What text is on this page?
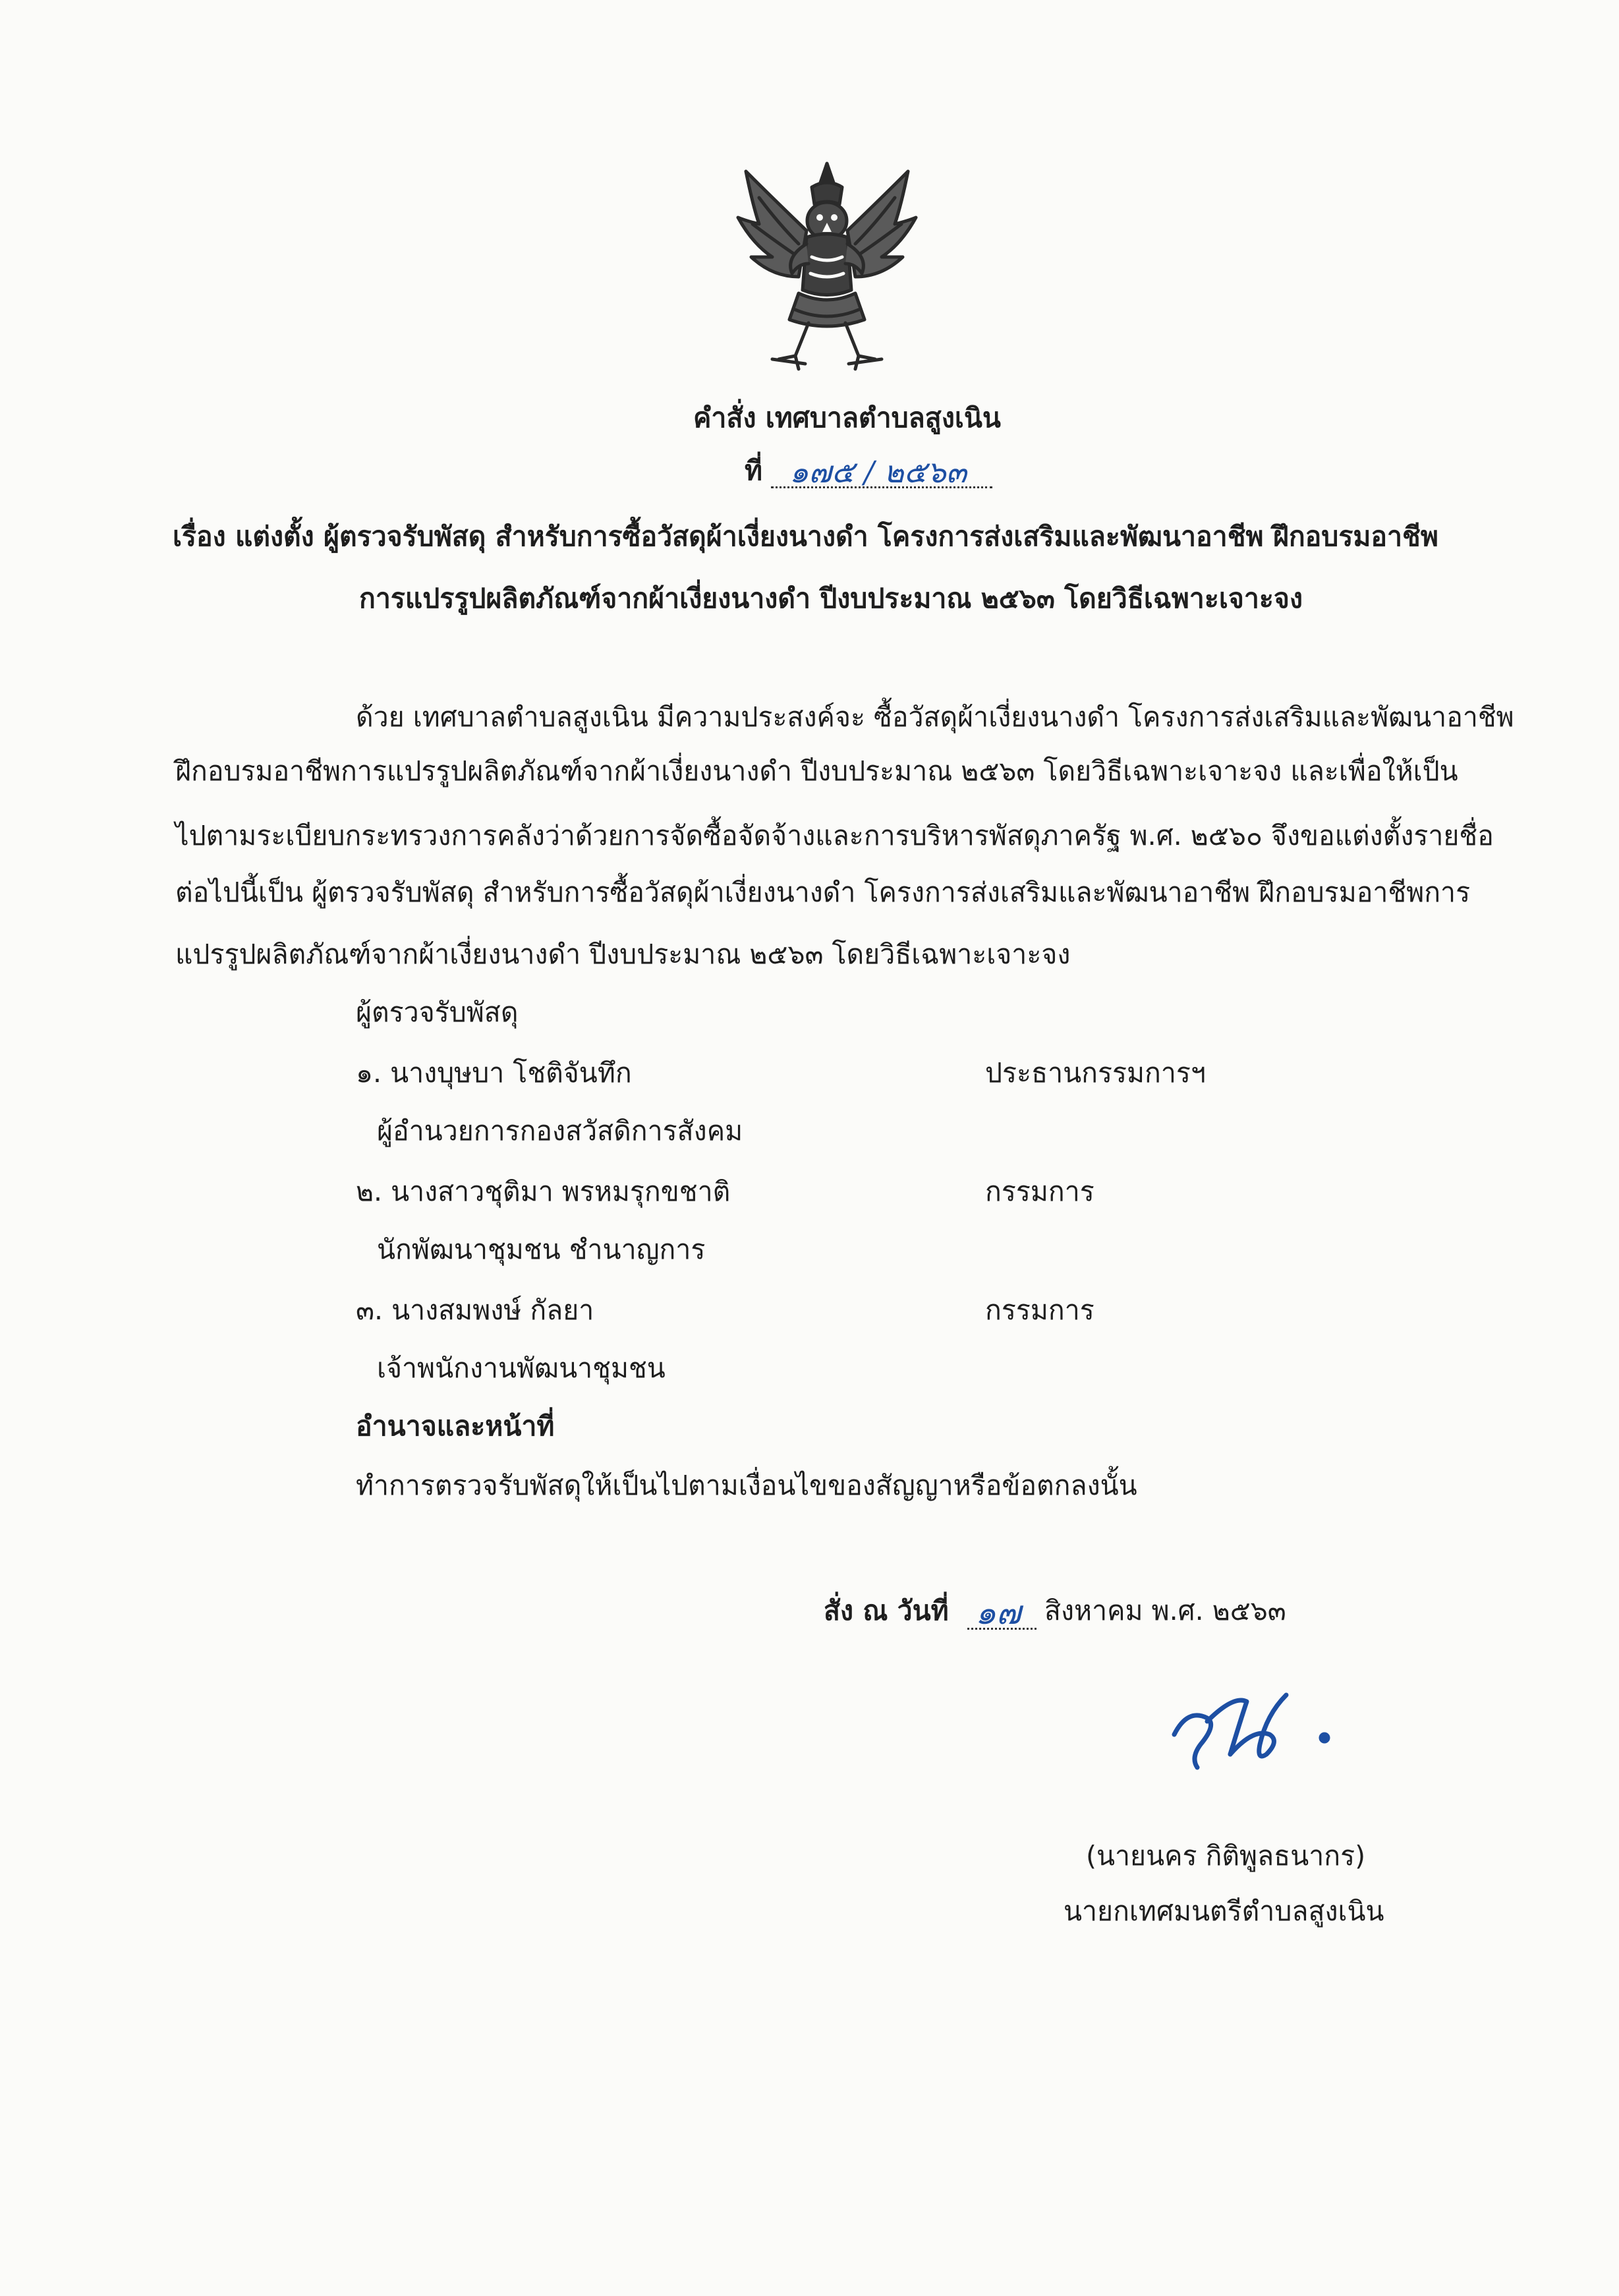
คำสั่ง เทศบาลตำบลสูงเนิน
ที่ ๑๗๕ / ๒๕๖๓
เรื่อง แต่งตั้ง ผู้ตรวจรับพัสดุ สำหรับการซื้อวัสดุผ้าเงี่ยงนางดำ โครงการส่งเสริมและพัฒนาอาชีพ ฝึกอบรมอาชีพ
การแปรรูปผลิตภัณฑ์จากผ้าเงี่ยงนางดำ ปีงบประมาณ ๒๕๖๓ โดยวิธีเฉพาะเจาะจง
ด้วย เทศบาลตำบลสูงเนิน มีความประสงค์จะ ซื้อวัสดุผ้าเงี่ยงนางดำ โครงการส่งเสริมและพัฒนาอาชีพ
ฝึกอบรมอาชีพการแปรรูปผลิตภัณฑ์จากผ้าเงี่ยงนางดำ ปีงบประมาณ ๒๕๖๓ โดยวิธีเฉพาะเจาะจง และเพื่อให้เป็น
ไปตามระเบียบกระทรวงการคลังว่าด้วยการจัดซื้อจัดจ้างและการบริหารพัสดุภาครัฐ พ.ศ. ๒๕๖๐ จึงขอแต่งตั้งรายชื่อ
ต่อไปนี้เป็น ผู้ตรวจรับพัสดุ สำหรับการซื้อวัสดุผ้าเงี่ยงนางดำ โครงการส่งเสริมและพัฒนาอาชีพ ฝึกอบรมอาชีพการ
แปรรูปผลิตภัณฑ์จากผ้าเงี่ยงนางดำ ปีงบประมาณ ๒๕๖๓ โดยวิธีเฉพาะเจาะจง
ผู้ตรวจรับพัสดุ
๑. นางบุษบา โชติจันทึก	ประธานกรรมการฯ
ผู้อำนวยการกองสวัสดิการสังคม
๒. นางสาวชุติมา พรหมรุกขชาติ	กรรมการ
นักพัฒนาชุมชน ชำนาญการ
๓. นางสมพงษ์ กัลยา	กรรมการ
เจ้าพนักงานพัฒนาชุมชน
อำนาจและหน้าที่
ทำการตรวจรับพัสดุให้เป็นไปตามเงื่อนไขของสัญญาหรือข้อตกลงนั้น
สั่ง ณ วันที่ ๑๗ สิงหาคม พ.ศ. ๒๕๖๓
(นายนคร กิติพูลธนากร)
นายกเทศมนตรีตำบลสูงเนิน
